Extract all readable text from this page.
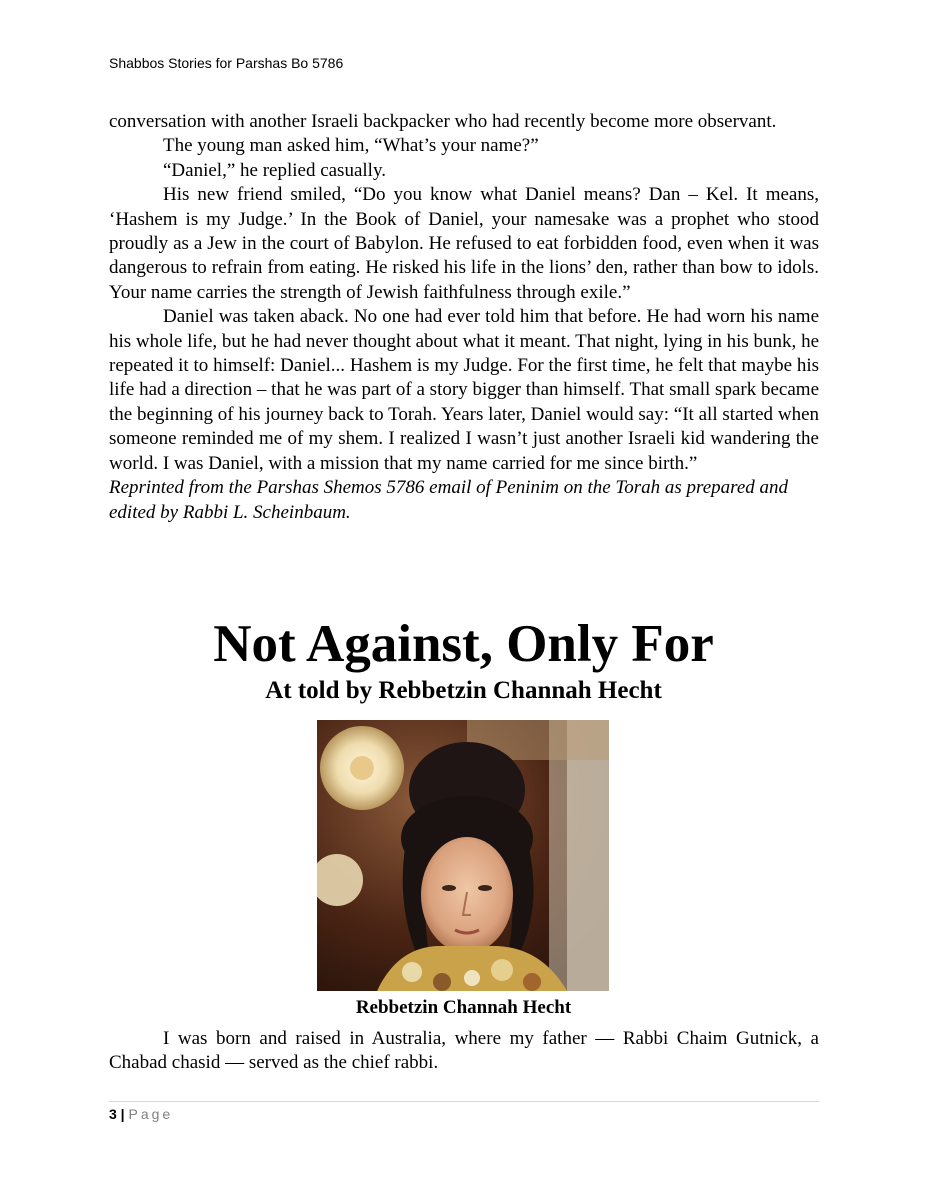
Shabbos Stories for Parshas Bo 5786

conversation with another Israeli backpacker who had recently become more observant.

The young man asked him, “What’s your name?”

“Daniel,” he replied casually.

His new friend smiled, “Do you know what Daniel means? Dan – Kel. It means, ‘Hashem is my Judge.’ In the Book of Daniel, your namesake was a prophet who stood proudly as a Jew in the court of Babylon. He refused to eat forbidden food, even when it was dangerous to refrain from eating. He risked his life in the lions’ den, rather than bow to idols. Your name carries the strength of Jewish faithfulness through exile.”

Daniel was taken aback. No one had ever told him that before. He had worn his name his whole life, but he had never thought about what it meant. That night, lying in his bunk, he repeated it to himself: Daniel... Hashem is my Judge. For the first time, he felt that maybe his life had a direction – that he was part of a story bigger than himself. That small spark became the beginning of his journey back to Torah. Years later, Daniel would say: “It all started when someone reminded me of my shem. I realized I wasn’t just another Israeli kid wandering the world. I was Daniel, with a mission that my name carried for me since birth.”

Reprinted from the Parshas Shemos 5786 email of Peninim on the Torah as prepared and edited by Rabbi L. Scheinbaum.

Not Against, Only For
At told by Rebbetzin Channah Hecht
Rebbetzin Channah Hecht

I was born and raised in Australia, where my father — Rabbi Chaim Gutnick, a Chabad chasid — served as the chief rabbi.

3 | Page
